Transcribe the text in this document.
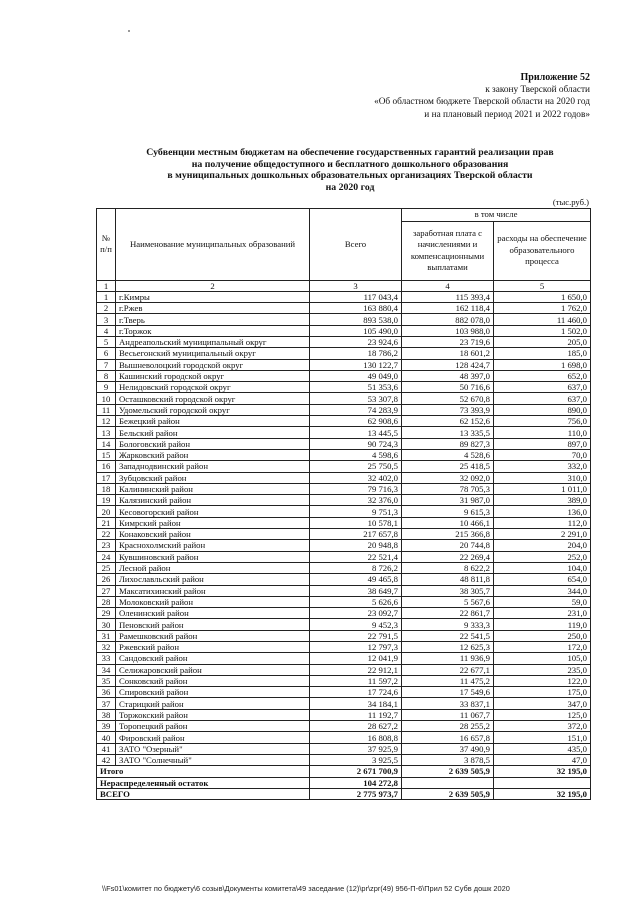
Приложение 52
к закону Тверской области
«Об областном бюджете Тверской области на 2020 год
и на плановый период 2021 и 2022 годов»
Субвенции местным бюджетам на обеспечение государственных гарантий реализации прав
на получение общедоступного и бесплатного дошкольного образования
в муниципальных дошкольных образовательных организациях Тверской области
на 2020 год
(тыс.руб.)
№ п/п	Наименование муниципальных образований	Всего	в том числе	
			заработная плата с начислениями и компенсационными выплатами	расходы на обеспечение образовательного процесса
1	2	3	4	5
1	г.Кимры	117 043,4	115 393,4	1 650,0
2	г.Ржев	163 880,4	162 118,4	1 762,0
3	г.Тверь	893 538,0	882 078,0	11 460,0
4	г.Торжок	105 490,0	103 988,0	1 502,0
5	Андреапольский муниципальный округ	23 924,6	23 719,6	205,0
6	Весьегонский муниципальный округ	18 786,2	18 601,2	185,0
7	Вышневолоцкий городской округ	130 122,7	128 424,7	1 698,0
8	Кашинский городской округ	49 049,0	48 397,0	652,0
9	Нелидовский городской округ	51 353,6	50 716,6	637,0
10	Осташковский городской округ	53 307,8	52 670,8	637,0
11	Удомельский городской округ	74 283,9	73 393,9	890,0
12	Бежецкий район	62 908,6	62 152,6	756,0
13	Бельский район	13 445,5	13 335,5	110,0
14	Бологовский район	90 724,3	89 827,3	897,0
15	Жарковский район	4 598,6	4 528,6	70,0
16	Западнодвинский район	25 750,5	25 418,5	332,0
17	Зубцовский район	32 402,0	32 092,0	310,0
18	Калининский район	79 716,3	78 705,3	1 011,0
19	Калязинский район	32 376,0	31 987,0	389,0
20	Кесовогорский район	9 751,3	9 615,3	136,0
21	Кимрский район	10 578,1	10 466,1	112,0
22	Конаковский район	217 657,8	215 366,8	2 291,0
23	Краснохолмский район	20 948,8	20 744,8	204,0
24	Кувшиновский район	22 521,4	22 269,4	252,0
25	Лесной район	8 726,2	8 622,2	104,0
26	Лихославльский район	49 465,8	48 811,8	654,0
27	Максатихинский район	38 649,7	38 305,7	344,0
28	Молоковский район	5 626,6	5 567,6	59,0
29	Оленинский район	23 092,7	22 861,7	231,0
30	Пеновский район	9 452,3	9 333,3	119,0
31	Рамешковский район	22 791,5	22 541,5	250,0
32	Ржевский район	12 797,3	12 625,3	172,0
33	Сандовский район	12 041,9	11 936,9	105,0
34	Селижаровский район	22 912,1	22 677,1	235,0
35	Сонковский район	11 597,2	11 475,2	122,0
36	Спировский район	17 724,6	17 549,6	175,0
37	Старицкий район	34 184,1	33 837,1	347,0
38	Торжокский район	11 192,7	11 067,7	125,0
39	Торопецкий район	28 627,2	28 255,2	372,0
40	Фировский район	16 808,8	16 657,8	151,0
41	ЗАТО "Озерный"	37 925,9	37 490,9	435,0
42	ЗАТО "Солнечный"	3 925,5	3 878,5	47,0
Итого		2 671 700,9	2 639 505,9	32 195,0
Нераспределенный остаток		104 272,8		
ВСЕГО		2 775 973,7	2 639 505,9	32 195,0
\\Fs01\комитет по бюджету\6 созыв\Документы комитета\49 заседание (12)\pr\zpr(49) 956-П-6\Прил 52 Субв дошк 2020
